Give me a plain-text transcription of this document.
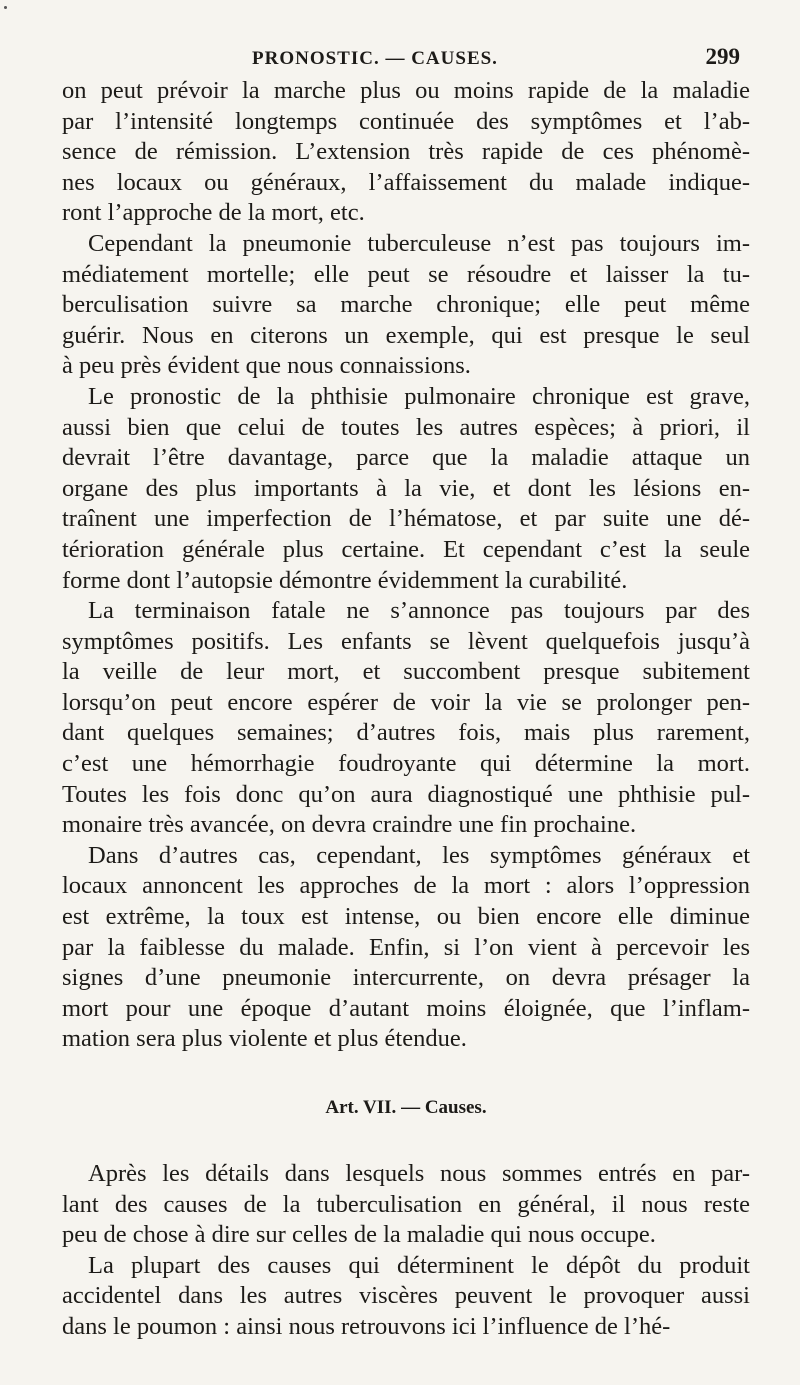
PRONOSTIC. — CAUSES.	299
on peut prévoir la marche plus ou moins rapide de la maladie
par l’intensité longtemps continuée des symptômes et l’ab-
sence de rémission. L’extension très rapide de ces phénomè-
nes locaux ou généraux, l’affaissement du malade indique-
ront l’approche de la mort, etc.
Cependant la pneumonie tuberculeuse n’est pas toujours im-
médiatement mortelle; elle peut se résoudre et laisser la tu-
berculisation suivre sa marche chronique; elle peut même
guérir. Nous en citerons un exemple, qui est presque le seul
à peu près évident que nous connaissions.
Le pronostic de la phthisie pulmonaire chronique est grave,
aussi bien que celui de toutes les autres espèces; à priori, il
devrait l’être davantage, parce que la maladie attaque un
organe des plus importants à la vie, et dont les lésions en-
traînent une imperfection de l’hématose, et par suite une dé-
térioration générale plus certaine. Et cependant c’est la seule
forme dont l’autopsie démontre évidemment la curabilité.
La terminaison fatale ne s’annonce pas toujours par des
symptômes positifs. Les enfants se lèvent quelquefois jusqu’à
la veille de leur mort, et succombent presque subitement
lorsqu’on peut encore espérer de voir la vie se prolonger pen-
dant quelques semaines; d’autres fois, mais plus rarement,
c’est une hémorrhagie foudroyante qui détermine la mort.
Toutes les fois donc qu’on aura diagnostiqué une phthisie pul-
monaire très avancée, on devra craindre une fin prochaine.
Dans d’autres cas, cependant, les symptômes généraux et
locaux annoncent les approches de la mort : alors l’oppression
est extrême, la toux est intense, ou bien encore elle diminue
par la faiblesse du malade. Enfin, si l’on vient à percevoir les
signes d’une pneumonie intercurrente, on devra présager la
mort pour une époque d’autant moins éloignée, que l’inflam-
mation sera plus violente et plus étendue.
Art. VII. — Causes.
Après les détails dans lesquels nous sommes entrés en par-
lant des causes de la tuberculisation en général, il nous reste
peu de chose à dire sur celles de la maladie qui nous occupe.
La plupart des causes qui déterminent le dépôt du produit
accidentel dans les autres viscères peuvent le provoquer aussi
dans le poumon : ainsi nous retrouvons ici l’influence de l’hé-
